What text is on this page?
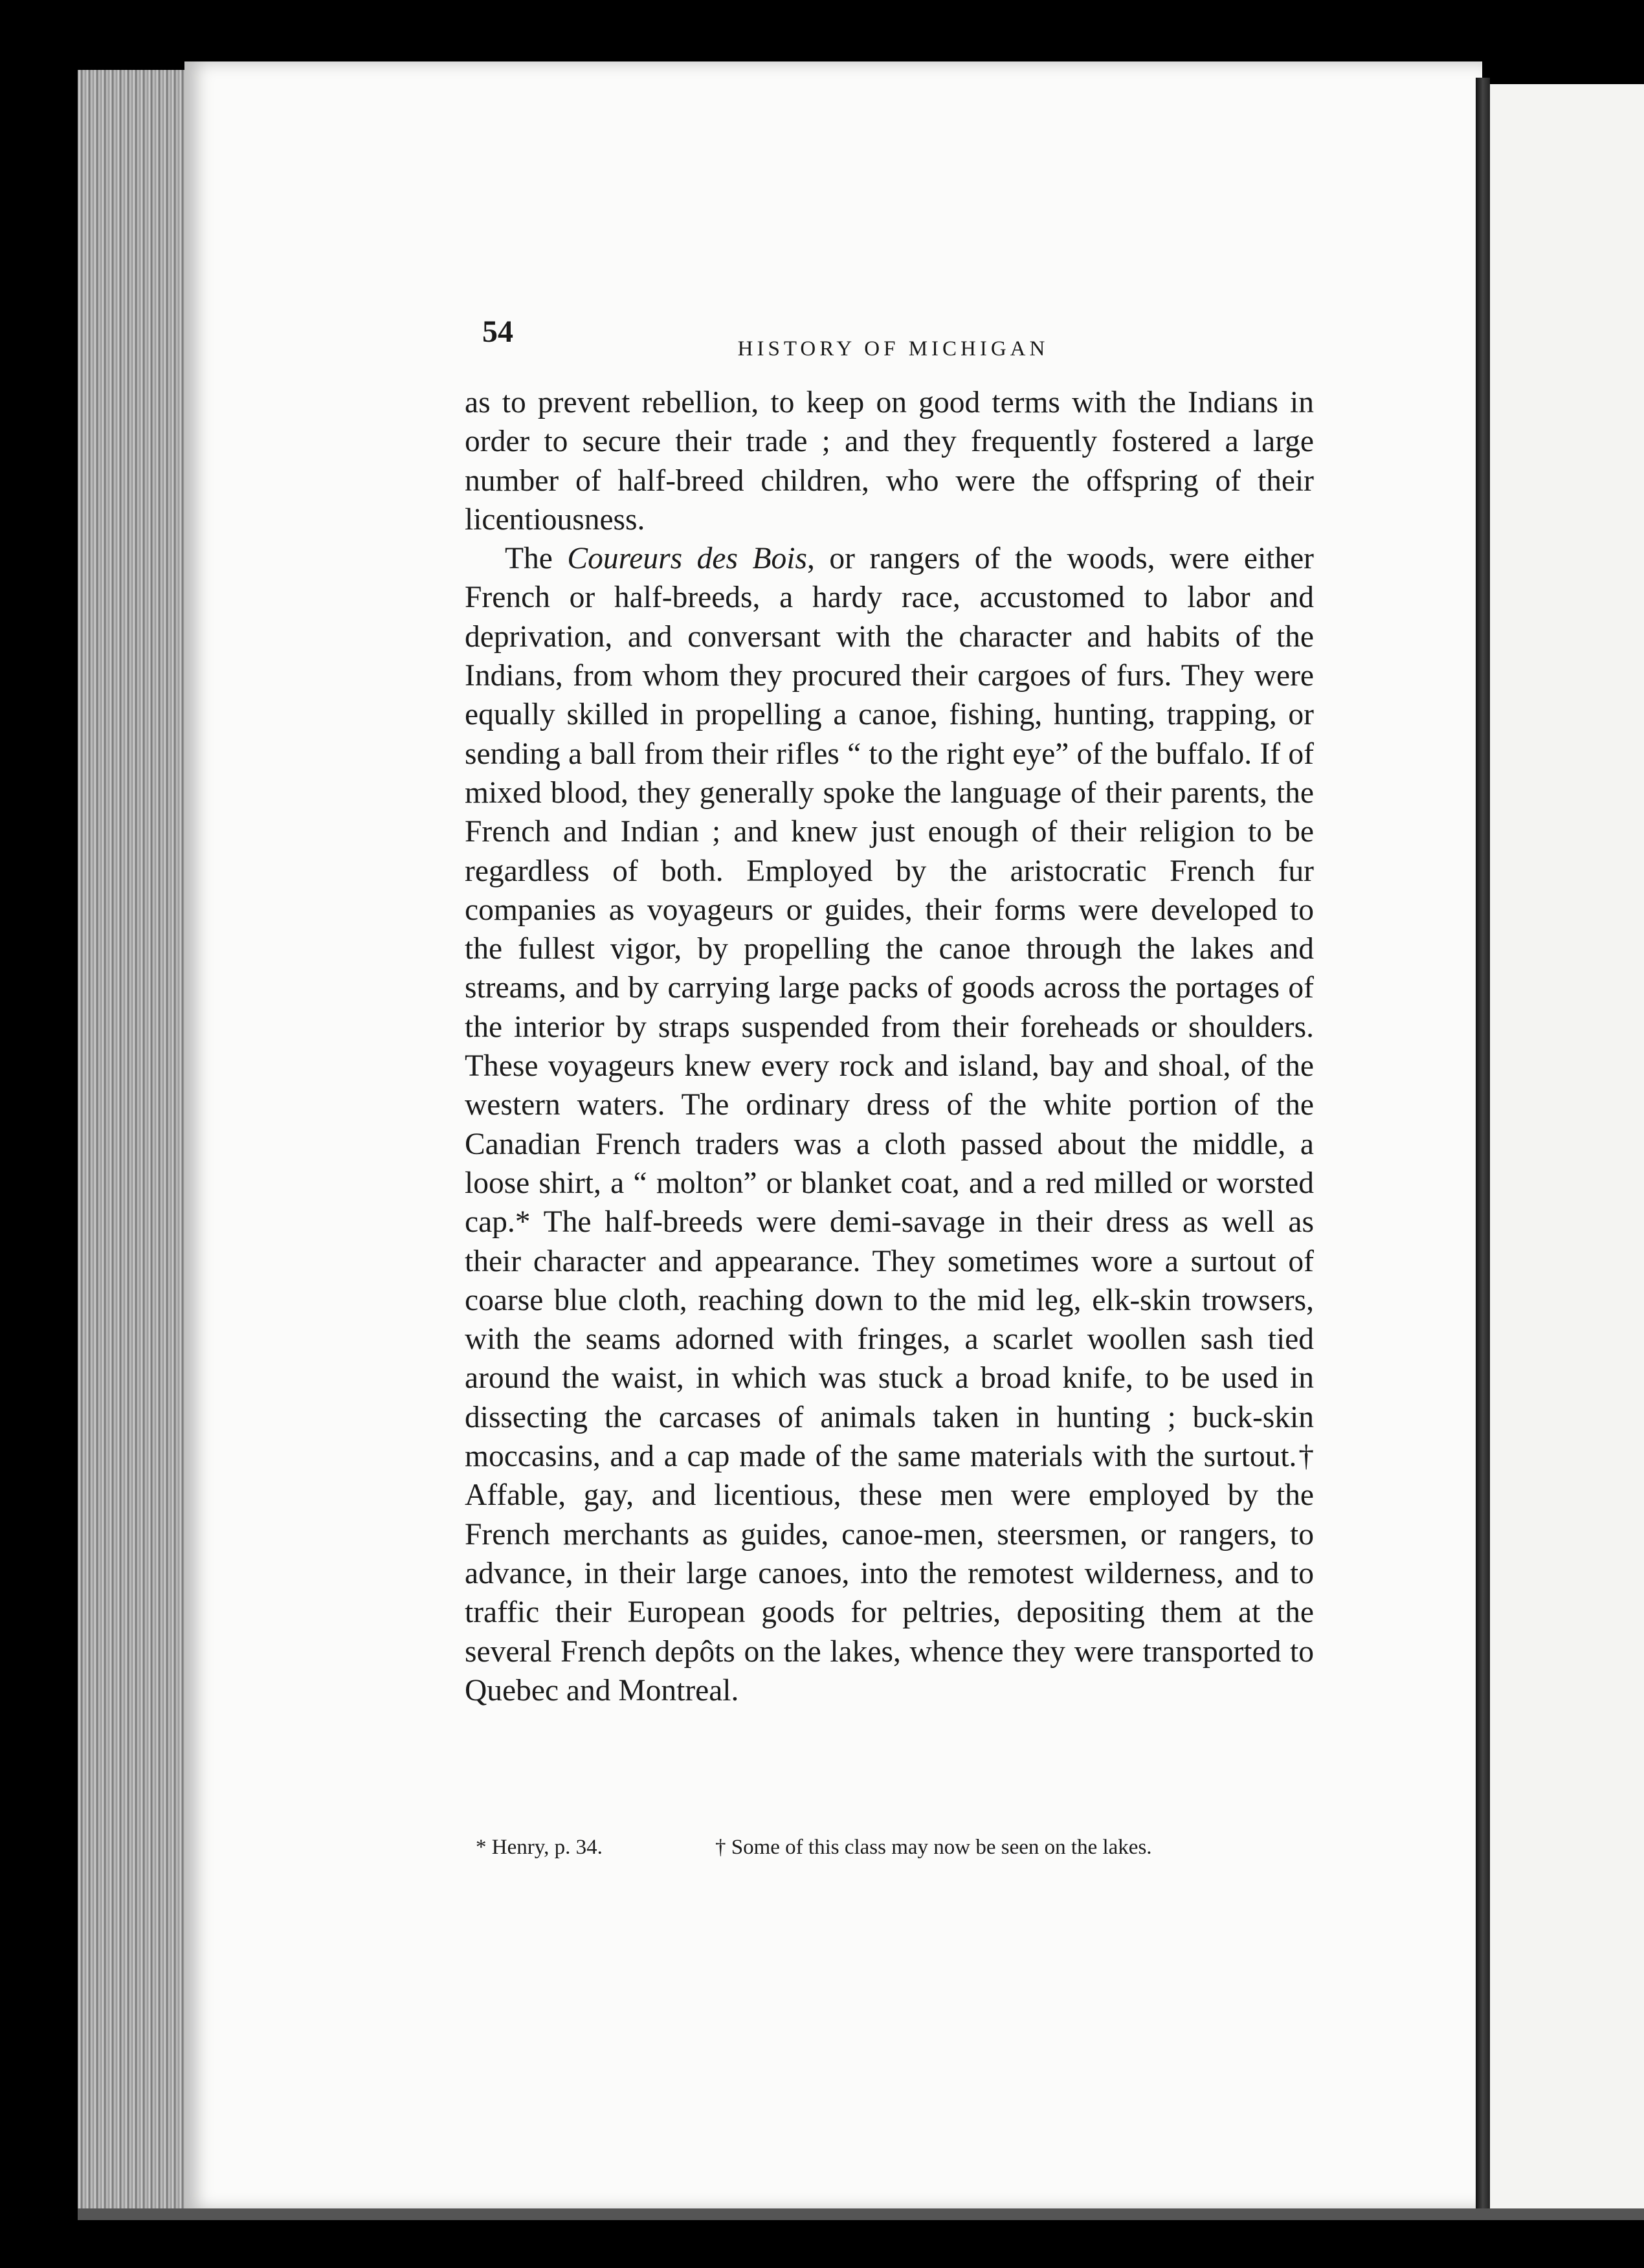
54	HISTORY OF MICHIGAN

as to prevent rebellion, to keep on good terms with the Indians in order to secure their trade ; and they frequently fostered a large number of half-breed children, who were the offspring of their licentiousness.

The Coureurs des Bois, or rangers of the woods, were either French or half-breeds, a hardy race, accustomed to labor and deprivation, and conversant with the character and habits of the Indians, from whom they procured their cargoes of furs. They were equally skilled in propelling a canoe, fishing, hunting, trapping, or sending a ball from their rifles “ to the right eye” of the buffalo. If of mixed blood, they generally spoke the language of their parents, the French and Indian ; and knew just enough of their religion to be regardless of both. Employed by the aristocratic French fur companies as voyageurs or guides, their forms were developed to the fullest vigor, by propelling the canoe through the lakes and streams, and by carrying large packs of goods across the portages of the interior by straps suspended from their foreheads or shoulders. These voyageurs knew every rock and island, bay and shoal, of the western waters. The ordinary dress of the white portion of the Canadian French traders was a cloth passed about the middle, a loose shirt, a “ molton” or blanket coat, and a red milled or worsted cap.* The half-breeds were demi-savage in their dress as well as their character and appearance. They sometimes wore a surtout of coarse blue cloth, reaching down to the mid leg, elk-skin trowsers, with the seams adorned with fringes, a scarlet woollen sash tied around the waist, in which was stuck a broad knife, to be used in dissecting the carcases of animals taken in hunting ; buck-skin moccasins, and a cap made of the same materials with the surtout.† Affable, gay, and licentious, these men were employed by the French merchants as guides, canoe-men, steersmen, or rangers, to advance, in their large canoes, into the remotest wilderness, and to traffic their European goods for peltries, depositing them at the several French depôts on the lakes, whence they were transported to Quebec and Montreal.

* Henry, p. 34.	† Some of this class may now be seen on the lakes.
